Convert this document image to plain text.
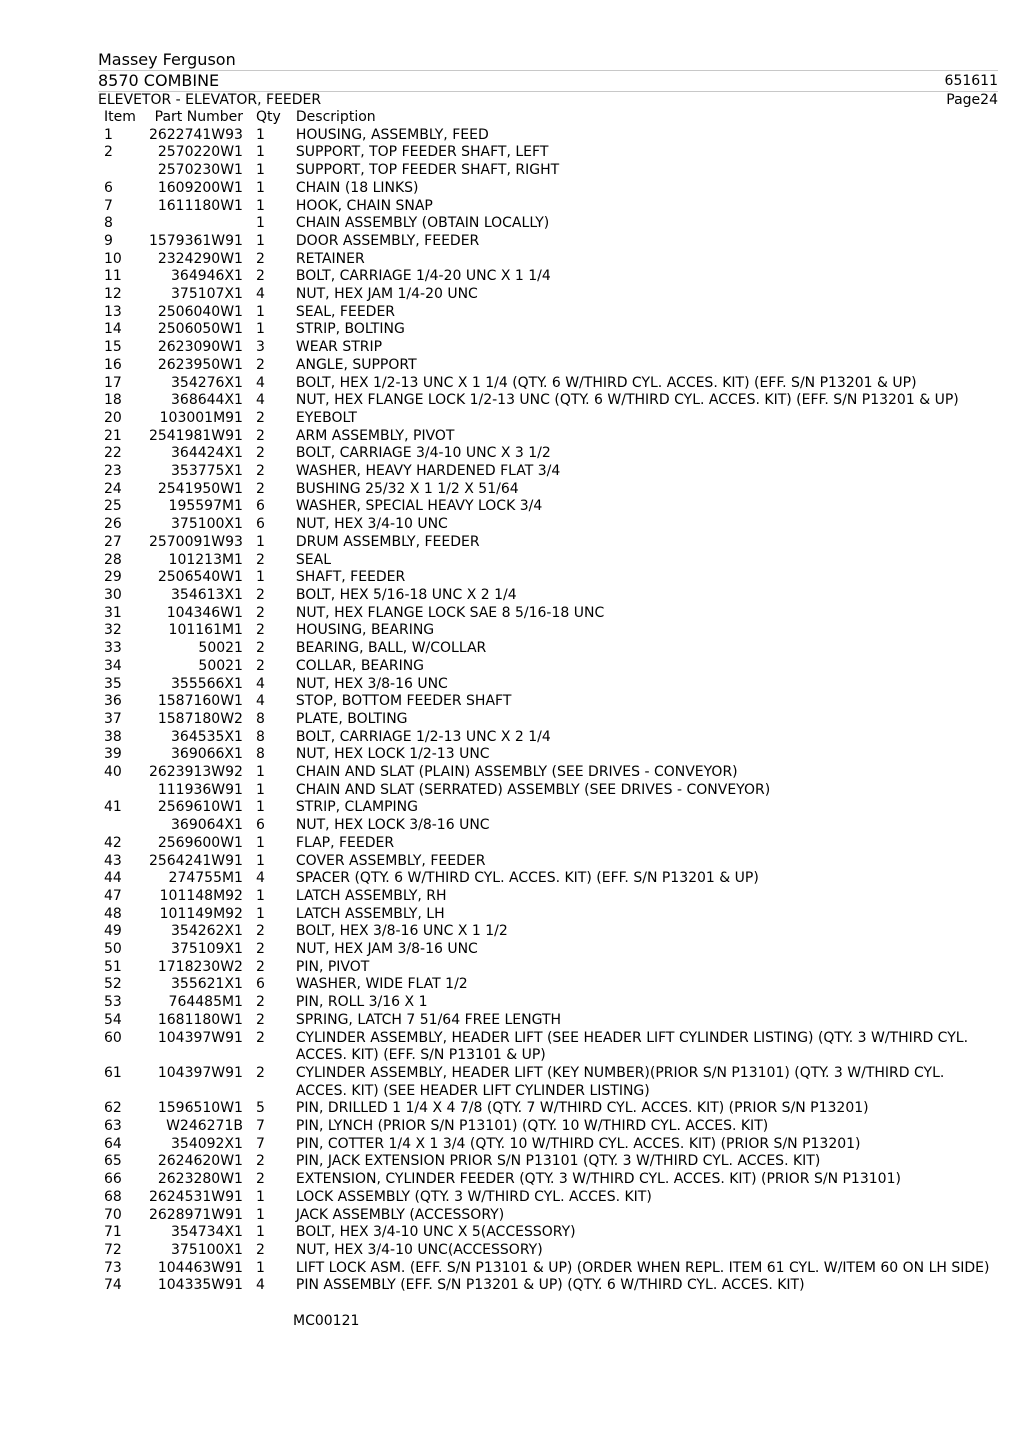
Massey Ferguson
8570 COMBINE	651611
ELEVETOR - ELEVATOR, FEEDER	Page24
Item	Part Number	Qty	Description
1	2622741W93	1	HOUSING, ASSEMBLY, FEED
2	2570220W1	1	SUPPORT, TOP FEEDER SHAFT, LEFT
	2570230W1	1	SUPPORT, TOP FEEDER SHAFT, RIGHT
6	1609200W1	1	CHAIN (18 LINKS)
7	1611180W1	1	HOOK, CHAIN SNAP
8		1	CHAIN ASSEMBLY (OBTAIN LOCALLY)
9	1579361W91	1	DOOR ASSEMBLY, FEEDER
10	2324290W1	2	RETAINER
11	364946X1	2	BOLT, CARRIAGE 1/4-20 UNC X 1 1/4
12	375107X1	4	NUT, HEX JAM 1/4-20 UNC
13	2506040W1	1	SEAL, FEEDER
14	2506050W1	1	STRIP, BOLTING
15	2623090W1	3	WEAR STRIP
16	2623950W1	2	ANGLE, SUPPORT
17	354276X1	4	BOLT, HEX 1/2-13 UNC X 1 1/4 (QTY. 6 W/THIRD CYL. ACCES. KIT) (EFF. S/N P13201 & UP)
18	368644X1	4	NUT, HEX FLANGE LOCK 1/2-13 UNC (QTY. 6 W/THIRD CYL. ACCES. KIT) (EFF. S/N P13201 & UP)
20	103001M91	2	EYEBOLT
21	2541981W91	2	ARM ASSEMBLY, PIVOT
22	364424X1	2	BOLT, CARRIAGE 3/4-10 UNC X 3 1/2
23	353775X1	2	WASHER, HEAVY HARDENED FLAT 3/4
24	2541950W1	2	BUSHING 25/32 X 1 1/2 X 51/64
25	195597M1	6	WASHER, SPECIAL HEAVY LOCK 3/4
26	375100X1	6	NUT, HEX 3/4-10 UNC
27	2570091W93	1	DRUM ASSEMBLY, FEEDER
28	101213M1	2	SEAL
29	2506540W1	1	SHAFT, FEEDER
30	354613X1	2	BOLT, HEX 5/16-18 UNC X 2 1/4
31	104346W1	2	NUT, HEX FLANGE LOCK SAE 8 5/16-18 UNC
32	101161M1	2	HOUSING, BEARING
33	50021	2	BEARING, BALL, W/COLLAR
34	50021	2	COLLAR, BEARING
35	355566X1	4	NUT, HEX 3/8-16 UNC
36	1587160W1	4	STOP, BOTTOM FEEDER SHAFT
37	1587180W2	8	PLATE, BOLTING
38	364535X1	8	BOLT, CARRIAGE 1/2-13 UNC X 2 1/4
39	369066X1	8	NUT, HEX LOCK 1/2-13 UNC
40	2623913W92	1	CHAIN AND SLAT (PLAIN) ASSEMBLY (SEE DRIVES - CONVEYOR)
	111936W91	1	CHAIN AND SLAT (SERRATED) ASSEMBLY (SEE DRIVES - CONVEYOR)
41	2569610W1	1	STRIP, CLAMPING
	369064X1	6	NUT, HEX LOCK 3/8-16 UNC
42	2569600W1	1	FLAP, FEEDER
43	2564241W91	1	COVER ASSEMBLY, FEEDER
44	274755M1	4	SPACER (QTY. 6 W/THIRD CYL. ACCES. KIT) (EFF. S/N P13201 & UP)
47	101148M92	1	LATCH ASSEMBLY, RH
48	101149M92	1	LATCH ASSEMBLY, LH
49	354262X1	2	BOLT, HEX 3/8-16 UNC X 1 1/2
50	375109X1	2	NUT, HEX JAM 3/8-16 UNC
51	1718230W2	2	PIN, PIVOT
52	355621X1	6	WASHER, WIDE FLAT 1/2
53	764485M1	2	PIN, ROLL 3/16 X 1
54	1681180W1	2	SPRING, LATCH 7 51/64 FREE LENGTH
60	104397W91	2	CYLINDER ASSEMBLY, HEADER LIFT (SEE HEADER LIFT CYLINDER LISTING) (QTY. 3 W/THIRD CYL. ACCES. KIT) (EFF. S/N P13101 & UP)
61	104397W91	2	CYLINDER ASSEMBLY, HEADER LIFT (KEY NUMBER)(PRIOR S/N P13101) (QTY. 3 W/THIRD CYL. ACCES. KIT) (SEE HEADER LIFT CYLINDER LISTING)
62	1596510W1	5	PIN, DRILLED 1 1/4 X 4 7/8 (QTY. 7 W/THIRD CYL. ACCES. KIT) (PRIOR S/N P13201)
63	W246271B	7	PIN, LYNCH (PRIOR S/N P13101) (QTY. 10 W/THIRD CYL. ACCES. KIT)
64	354092X1	7	PIN, COTTER 1/4 X 1 3/4 (QTY. 10 W/THIRD CYL. ACCES. KIT) (PRIOR S/N P13201)
65	2624620W1	2	PIN, JACK EXTENSION PRIOR S/N P13101 (QTY. 3 W/THIRD CYL. ACCES. KIT)
66	2623280W1	2	EXTENSION, CYLINDER FEEDER (QTY. 3 W/THIRD CYL. ACCES. KIT) (PRIOR S/N P13101)
68	2624531W91	1	LOCK ASSEMBLY (QTY. 3 W/THIRD CYL. ACCES. KIT)
70	2628971W91	1	JACK ASSEMBLY (ACCESSORY)
71	354734X1	1	BOLT, HEX 3/4-10 UNC X 5(ACCESSORY)
72	375100X1	2	NUT, HEX 3/4-10 UNC(ACCESSORY)
73	104463W91	1	LIFT LOCK ASM. (EFF. S/N P13101 & UP) (ORDER WHEN REPL. ITEM 61 CYL. W/ITEM 60 ON LH SIDE)
74	104335W91	4	PIN ASSEMBLY (EFF. S/N P13201 & UP) (QTY. 6 W/THIRD CYL. ACCES. KIT)
MC00121
